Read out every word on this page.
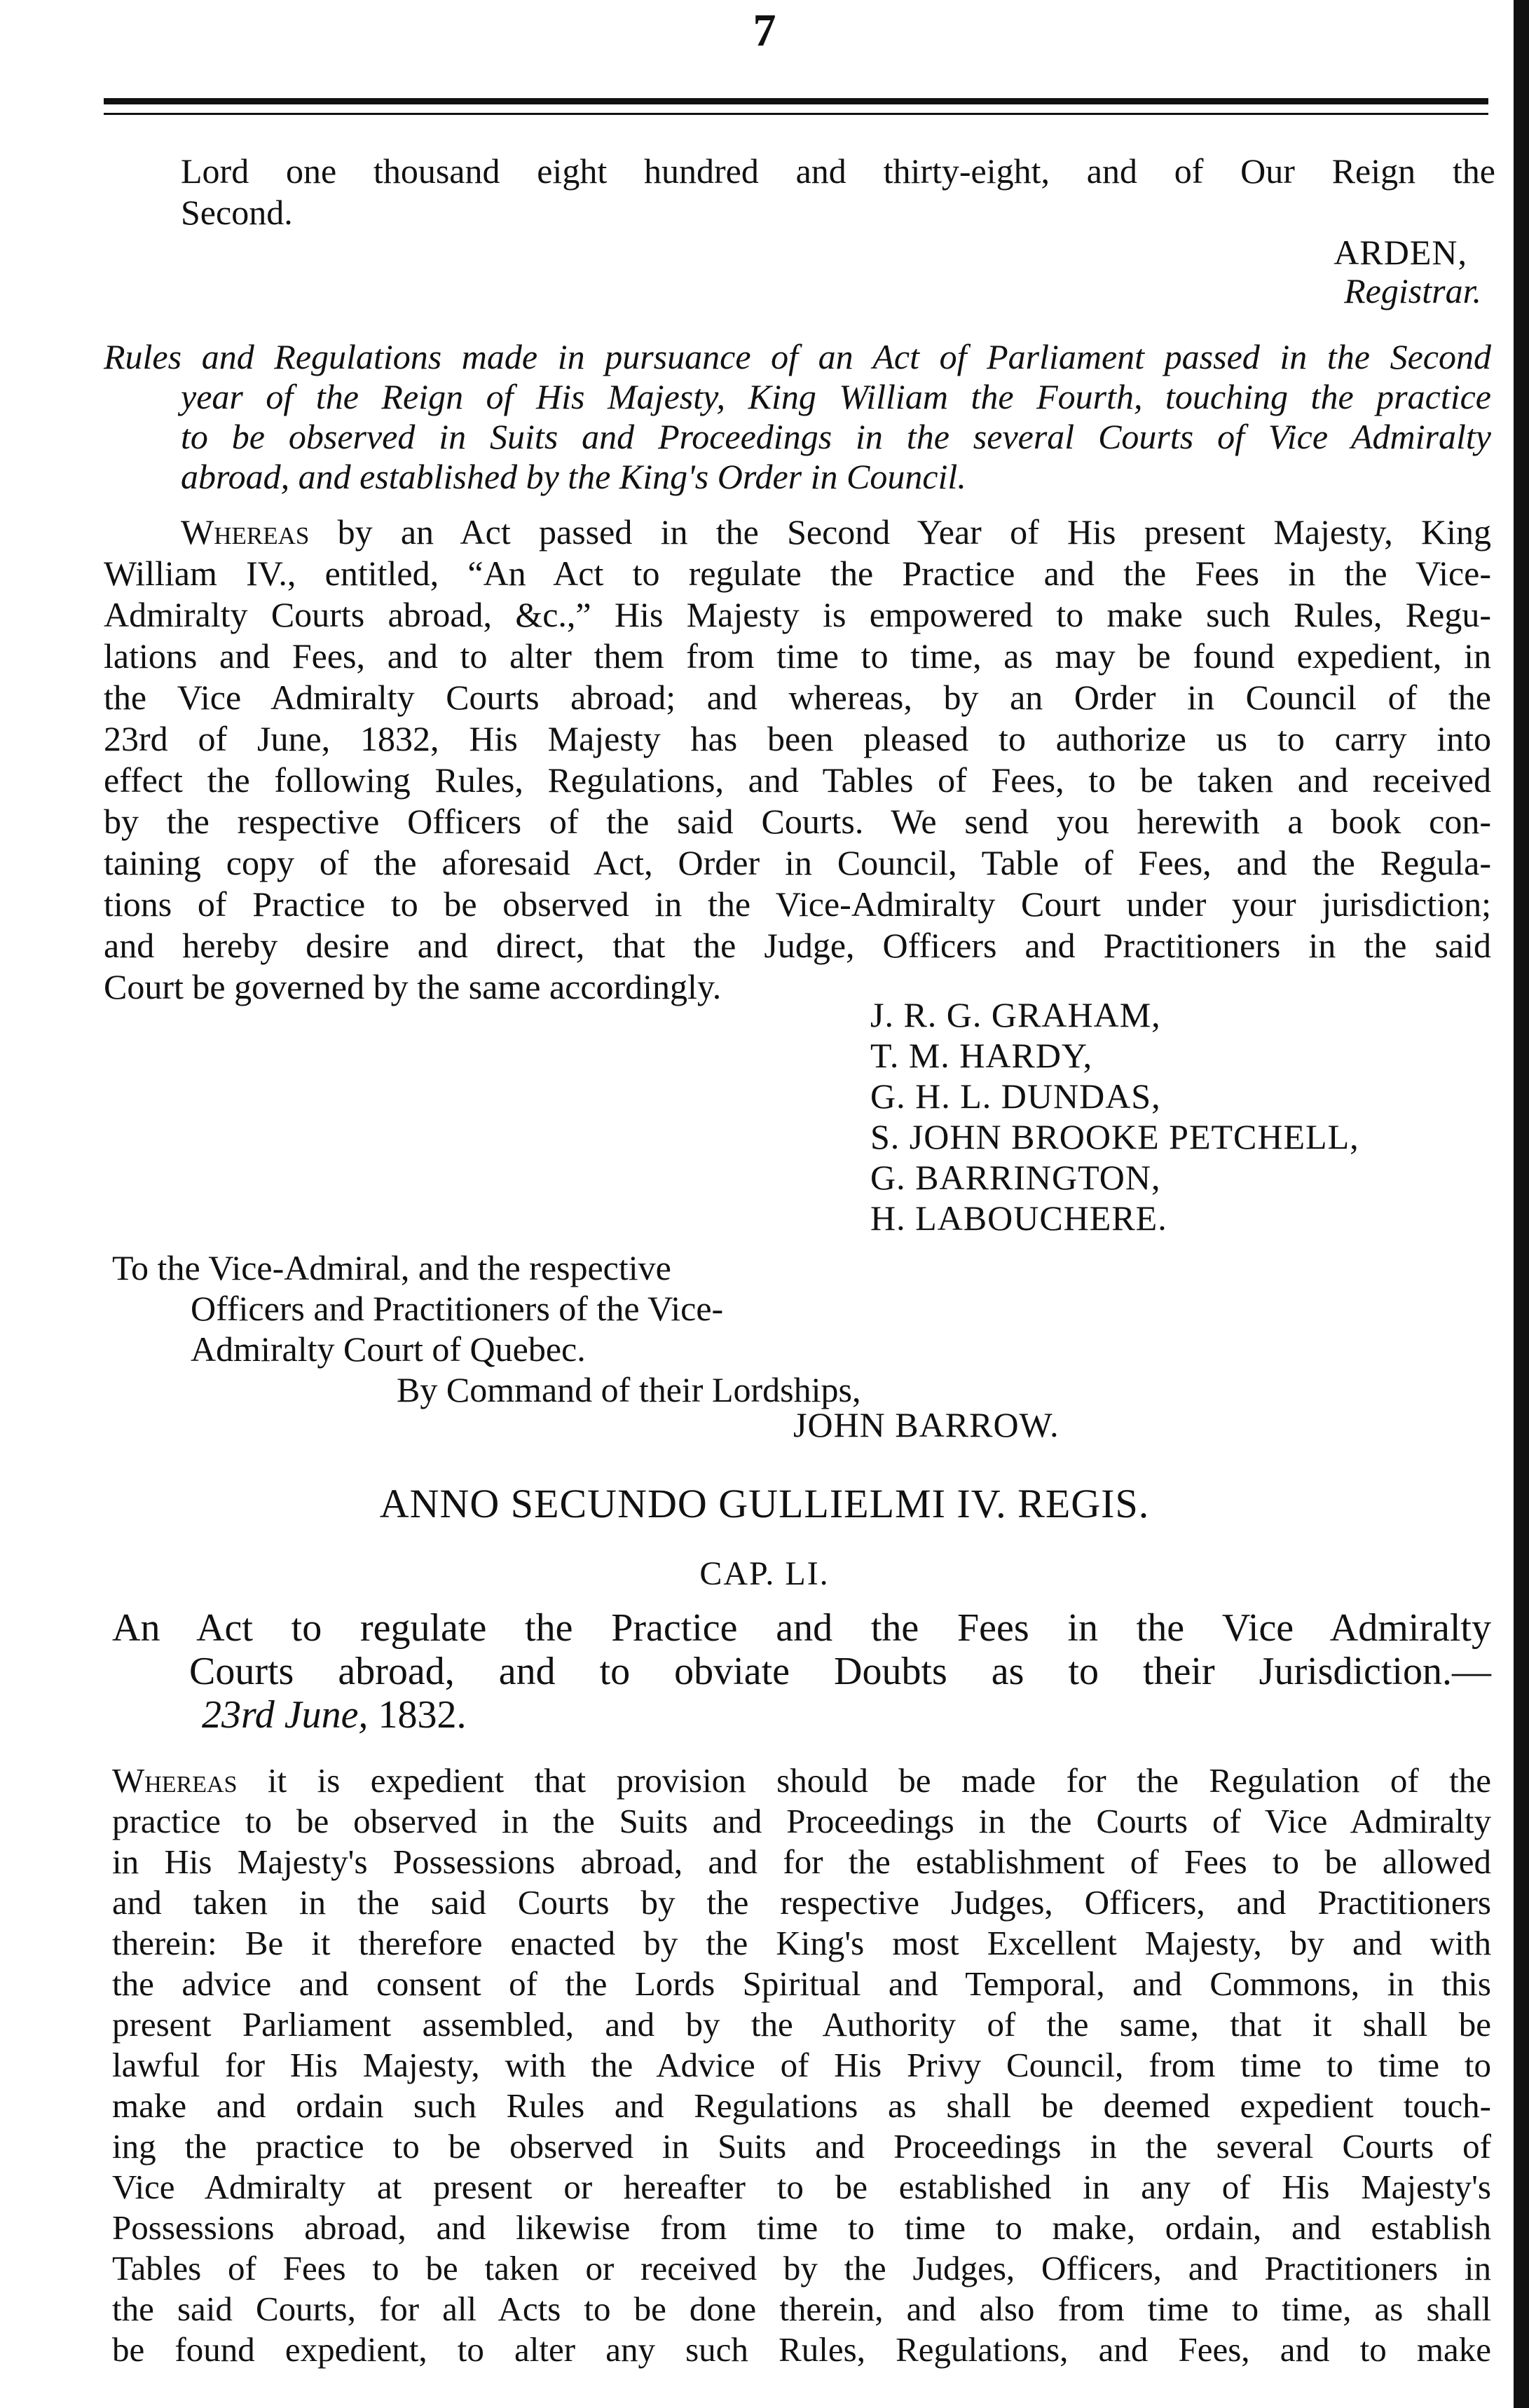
7

Lord one thousand eight hundred and thirty-eight, and of Our Reign the

Second.

ARDEN,
Registrar.

Rules and Regulations made in pursuance of an Act of Parliament passed in the Second

year of the Reign of His Majesty, King William the Fourth, touching the practice

to be observed in Suits and Proceedings in the several Courts of Vice Admiralty

abroad, and established by the King's Order in Council.

Whereas by an Act passed in the Second Year of His present Majesty, King

William IV., entitled, “An Act to regulate the Practice and the Fees in the Vice-

Admiralty Courts abroad, &c.,” His Majesty is empowered to make such Rules, Regu-

lations and Fees, and to alter them from time to time, as may be found expedient, in

the Vice Admiralty Courts abroad; and whereas, by an Order in Council of the

23rd of June, 1832, His Majesty has been pleased to authorize us to carry into

effect the following Rules, Regulations, and Tables of Fees, to be taken and received

by the respective Officers of the said Courts. We send you herewith a book con-

taining copy of the aforesaid Act, Order in Council, Table of Fees, and the Regula-

tions of Practice to be observed in the Vice-Admiralty Court under your jurisdiction;

and hereby desire and direct, that the Judge, Officers and Practitioners in the said

Court be governed by the same accordingly.

J. R. G. GRAHAM,
T. M. HARDY,
G. H. L. DUNDAS,
S. JOHN BROOKE PETCHELL,
G. BARRINGTON,
H. LABOUCHERE.

To the Vice-Admiral, and the respective

Officers and Practitioners of the Vice-

Admiralty Court of Quebec.

By Command of their Lordships,
JOHN BARROW.
ANNO SECUNDO GULLIELMI IV. REGIS.
CAP. LI.

An Act to regulate the Practice and the Fees in the Vice Admiralty

Courts abroad, and to obviate Doubts as to their Jurisdiction.—

23rd June, 1832.

Whereas it is expedient that provision should be made for the Regulation of the

practice to be observed in the Suits and Proceedings in the Courts of Vice Admiralty

in His Majesty's Possessions abroad, and for the establishment of Fees to be allowed

and taken in the said Courts by the respective Judges, Officers, and Practitioners

therein: Be it therefore enacted by the King's most Excellent Majesty, by and with

the advice and consent of the Lords Spiritual and Temporal, and Commons, in this

present Parliament assembled, and by the Authority of the same, that it shall be

lawful for His Majesty, with the Advice of His Privy Council, from time to time to

make and ordain such Rules and Regulations as shall be deemed expedient touch-

ing the practice to be observed in Suits and Proceedings in the several Courts of

Vice Admiralty at present or hereafter to be established in any of His Majesty's

Possessions abroad, and likewise from time to time to make, ordain, and establish

Tables of Fees to be taken or received by the Judges, Officers, and Practitioners in

the said Courts, for all Acts to be done therein, and also from time to time, as shall

be found expedient, to alter any such Rules, Regulations, and Fees, and to make
